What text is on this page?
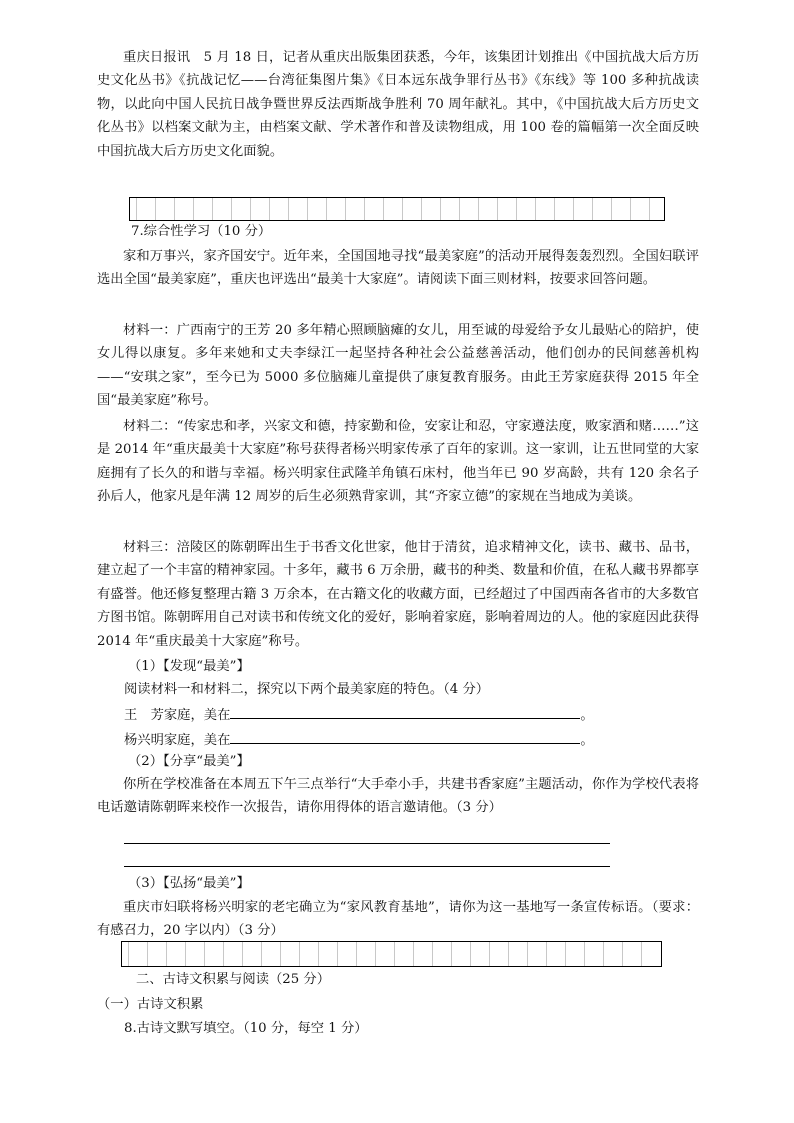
重庆日报讯　5 月 18 日，记者从重庆出版集团获悉，今年，该集团计划推出《中国抗战大后方历史文化丛书》《抗战记忆——台湾征集图片集》《日本远东战争罪行丛书》《东线》等 100 多种抗战读物，以此向中国人民抗日战争暨世界反法西斯战争胜利 70 周年献礼。其中，《中国抗战大后方历史文化丛书》以档案文献为主，由档案文献、学术著作和普及读物组成，用 100 卷的篇幅第一次全面反映中国抗战大后方历史文化面貌。
7.综合性学习（10 分）
家和万事兴，家齐国安宁。近年来，全国国地寻找“最美家庭”的活动开展得轰轰烈烈。全国妇联评选出全国“最美家庭”，重庆也评选出“最美十大家庭”。请阅读下面三则材料，按要求回答问题。
材料一：广西南宁的王芳 20 多年精心照顾脑瘫的女儿，用至诚的母爱给予女儿最贴心的陪护，使女儿得以康复。多年来她和丈夫李绿江一起坚持各种社会公益慈善活动，他们创办的民间慈善机构——“安琪之家”，至今已为 5000 多位脑瘫儿童提供了康复教育服务。由此王芳家庭获得 2015 年全国“最美家庭”称号。
材料二：“传家忠和孝，兴家文和德，持家勤和俭，安家让和忍，守家遵法度，败家酒和赌……”这是 2014 年“重庆最美十大家庭”称号获得者杨兴明家传承了百年的家训。这一家训，让五世同堂的大家庭拥有了长久的和谐与幸福。杨兴明家住武隆羊角镇石床村，他当年已 90 岁高龄，共有 120 余名子孙后人，他家凡是年满 12 周岁的后生必须熟背家训，其“齐家立德”的家规在当地成为美谈。
材料三：涪陵区的陈朝晖出生于书香文化世家，他甘于清贫，追求精神文化，读书、藏书、品书，建立起了一个丰富的精神家园。十多年，藏书 6 万余册，藏书的种类、数量和价值，在私人藏书界都享有盛誉。他还修复整理古籍 3 万余本，在古籍文化的收藏方面，已经超过了中国西南各省市的大多数官方图书馆。陈朝晖用自己对读书和传统文化的爱好，影响着家庭，影响着周边的人。他的家庭因此获得 2014 年“重庆最美十大家庭”称号。
（1）【发现“最美”】
阅读材料一和材料二，探究以下两个最美家庭的特色。（4 分）
王　芳家庭，美在	。
杨兴明家庭，美在	。
（2）【分享“最美”】
你所在学校准备在本周五下午三点举行“大手牵小手，共建书香家庭”主题活动，你作为学校代表将电话邀请陈朝晖来校作一次报告，请你用得体的语言邀请他。（3 分）
（3）【弘扬“最美”】
重庆市妇联将杨兴明家的老宅确立为“家风教育基地”，请你为这一基地写一条宣传标语。（要求：有感召力，20 字以内）（3 分）
二、古诗文积累与阅读（25 分）
（一）古诗文积累
8.古诗文默写填空。（10 分，每空 1 分）
